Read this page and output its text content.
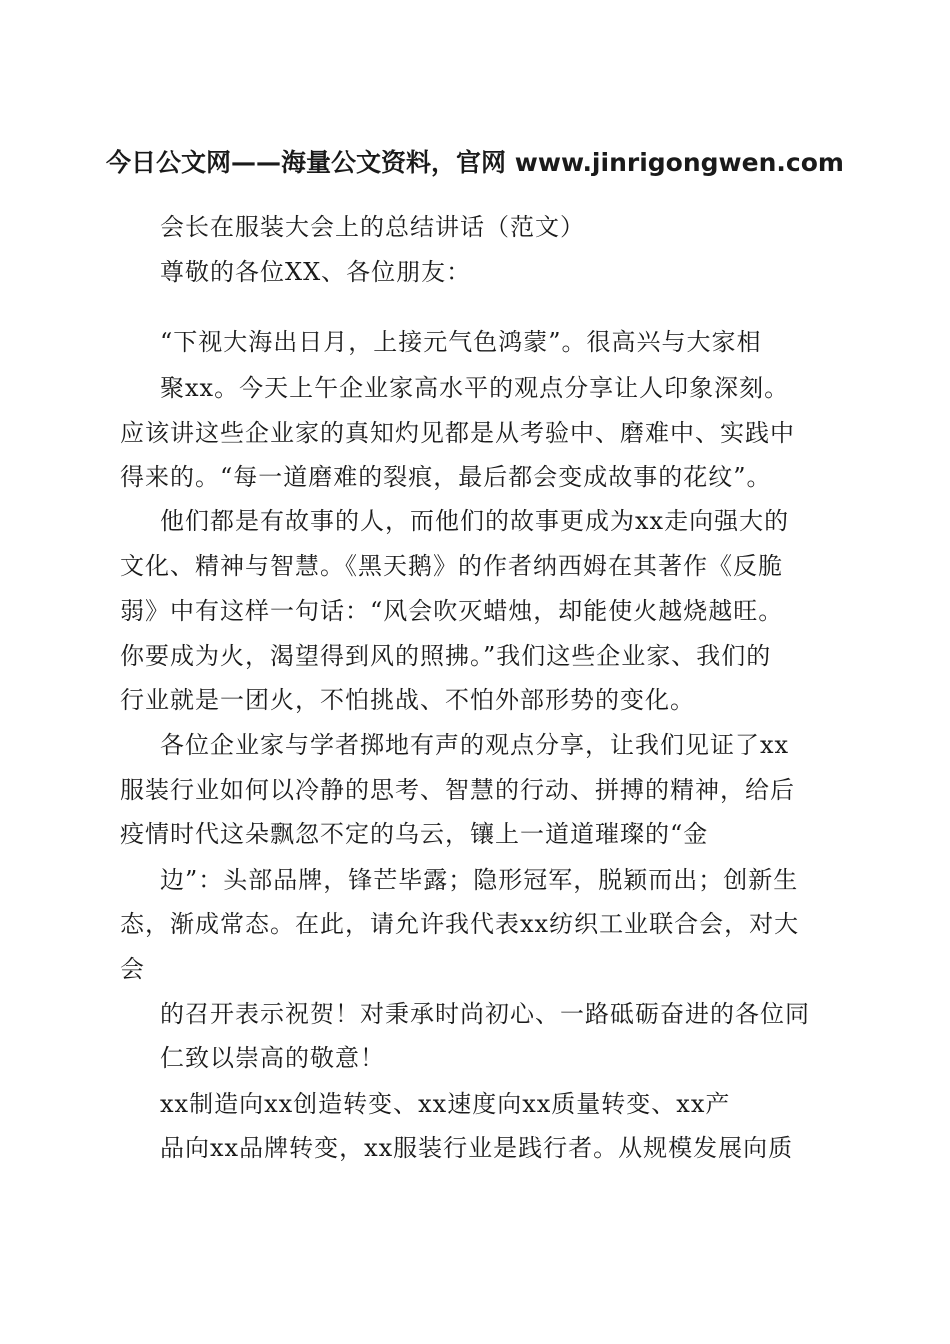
今日公文网——海量公文资料，官网 www.jinrigongwen.com
会长在服装大会上的总结讲话（范文）
尊敬的各位XX、各位朋友：
“下视大海出日月，上接元气色鸿蒙”。很高兴与大家相
聚xx。今天上午企业家高水平的观点分享让人印象深刻。
应该讲这些企业家的真知灼见都是从考验中、磨难中、实践中
得来的。“每一道磨难的裂痕，最后都会变成故事的花纹”。
他们都是有故事的人，而他们的故事更成为xx走向强大的
文化、精神与智慧。《黑天鹅》的作者纳西姆在其著作《反脆
弱》中有这样一句话：“风会吹灭蜡烛，却能使火越烧越旺。
你要成为火，渴望得到风的照拂。”我们这些企业家、我们的
行业就是一团火，不怕挑战、不怕外部形势的变化。
各位企业家与学者掷地有声的观点分享，让我们见证了xx
服装行业如何以冷静的思考、智慧的行动、拼搏的精神，给后
疫情时代这朵飘忽不定的乌云，镶上一道道璀璨的“金
边”：头部品牌，锋芒毕露；隐形冠军，脱颖而出；创新生
态，渐成常态。在此，请允许我代表xx纺织工业联合会，对大
会
的召开表示祝贺！对秉承时尚初心、一路砥砺奋进的各位同
仁致以崇高的敬意！
xx制造向xx创造转变、xx速度向xx质量转变、xx产
品向xx品牌转变，xx服装行业是践行者。从规模发展向质
